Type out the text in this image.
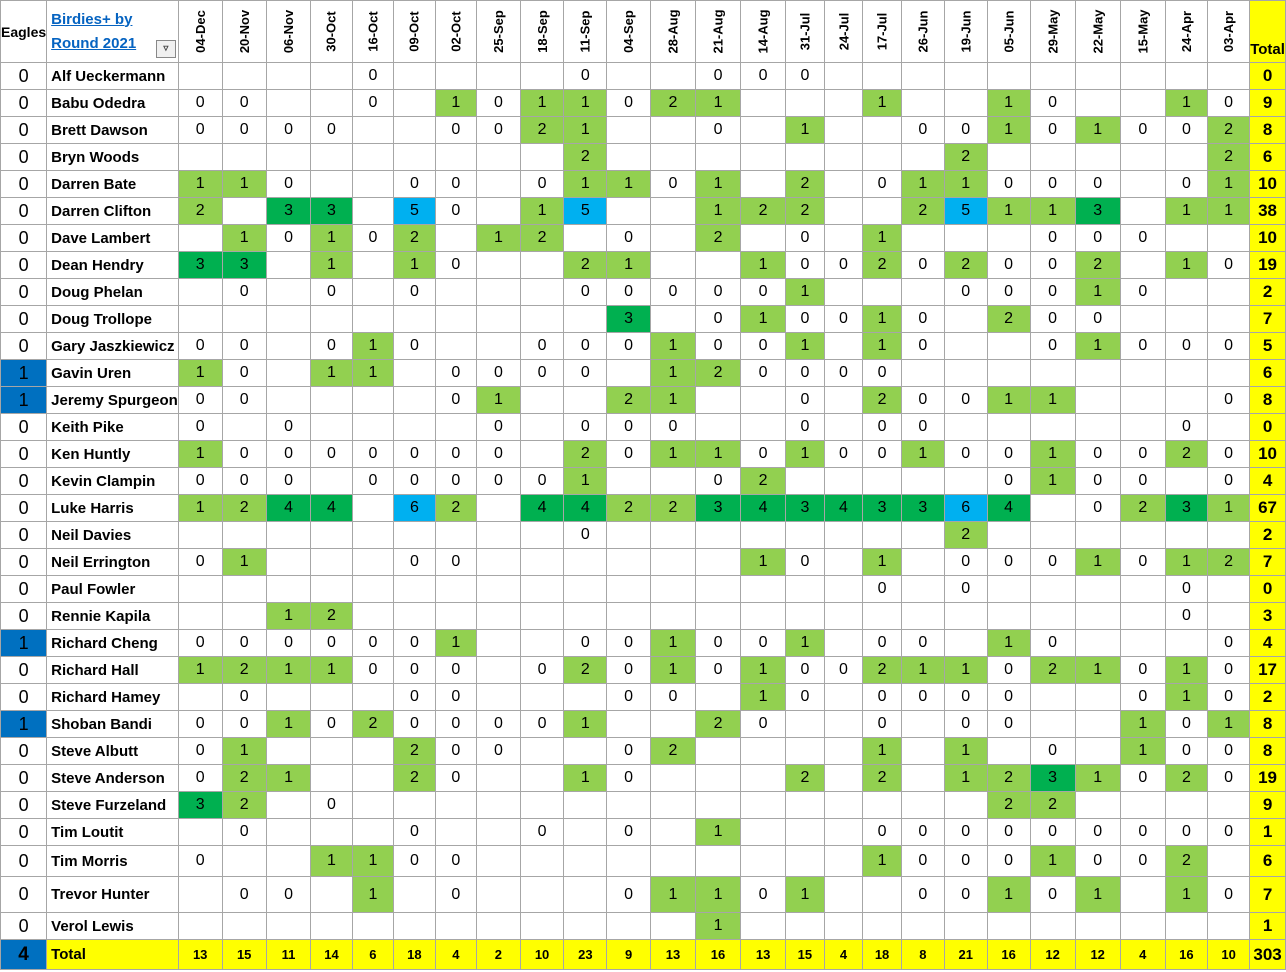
Eagles	Birdies+ by
Round 2021 ▿	04-Dec	20-Nov	06-Nov	30-Oct	16-Oct	09-Oct	02-Oct	25-Sep	18-Sep	11-Sep	04-Sep	28-Aug	21-Aug	14-Aug	31-Jul	24-Jul	17-Jul	26-Jun	19-Jun	05-Jun	29-May	22-May	15-May	24-Apr	03-Apr	Total
0	Alf Ueckermann					0					0			0	0	0											0
0	Babu Odedra	0	0			0		1	0	1	1	0	2	1				1			1	0			1	0	9
0	Brett Dawson	0	0	0	0			0	0	2	1			0		1			0	0	1	0	1	0	0	2	8
0	Bryn Woods										2									2						2	6
0	Darren Bate	1	1	0			0	0		0	1	1	0	1		2		0	1	1	0	0	0		0	1	10
0	Darren Clifton	2		3	3		5	0		1	5			1	2	2			2	5	1	1	3		1	1	38
0	Dave Lambert		1	0	1	0	2		1	2		0		2		0		1				0	0	0			10
0	Dean Hendry	3	3		1		1	0			2	1			1	0	0	2	0	2	0	0	2		1	0	19
0	Doug Phelan		0		0		0				0	0	0	0	0	1				0	0	0	1	0			2
0	Doug Trollope											3		0	1	0	0	1	0		2	0	0				7
0	Gary Jaszkiewicz	0	0		0	1	0			0	0	0	1	0	0	1		1	0			0	1	0	0	0	5
1	Gavin Uren	1	0		1	1		0	0	0	0		1	2	0	0	0	0									6
1	Jeremy Spurgeon	0	0					0	1			2	1			0		2	0	0	1	1				0	8
0	Keith Pike	0		0					0		0	0	0			0		0	0						0		0
0	Ken Huntly	1	0	0	0	0	0	0	0		2	0	1	1	0	1	0	0	1	0	0	1	0	0	2	0	10
0	Kevin Clampin	0	0	0		0	0	0	0	0	1			0	2						0	1	0	0		0	4
0	Luke Harris	1	2	4	4		6	2		4	4	2	2	3	4	3	4	3	3	6	4		0	2	3	1	67
0	Neil Davies										0									2							2
0	Neil Errington	0	1				0	0							1	0		1		0	0	0	1	0	1	2	7
0	Paul Fowler																	0		0					0		0
0	Rennie Kapila			1	2																				0		3
1	Richard Cheng	0	0	0	0	0	0	1			0	0	1	0	0	1		0	0		1	0				0	4
0	Richard Hall	1	2	1	1	0	0	0		0	2	0	1	0	1	0	0	2	1	1	0	2	1	0	1	0	17
0	Richard Hamey		0				0	0				0	0		1	0		0	0	0	0			0	1	0	2
1	Shoban Bandi	0	0	1	0	2	0	0	0	0	1			2	0			0		0	0			1	0	1	8
0	Steve Albutt	0	1				2	0	0			0	2					1		1		0		1	0	0	8
0	Steve Anderson	0	2	1			2	0			1	0				2		2		1	2	3	1	0	2	0	19
0	Steve Furzeland	3	2		0																2	2					9
0	Tim Loutit		0				0			0		0		1				0	0	0	0	0	0	0	0	0	1
0	Tim Morris	0			1	1	0	0										1	0	0	0	1	0	0	2		6
0	Trevor Hunter		0	0		1		0				0	1	1	0	1			0	0	1	0	1		1	0	7
0	Verol Lewis													1													1
4	Total	13	15	11	14	6	18	4	2	10	23	9	13	16	13	15	4	18	8	21	16	12	12	4	16	10	303
